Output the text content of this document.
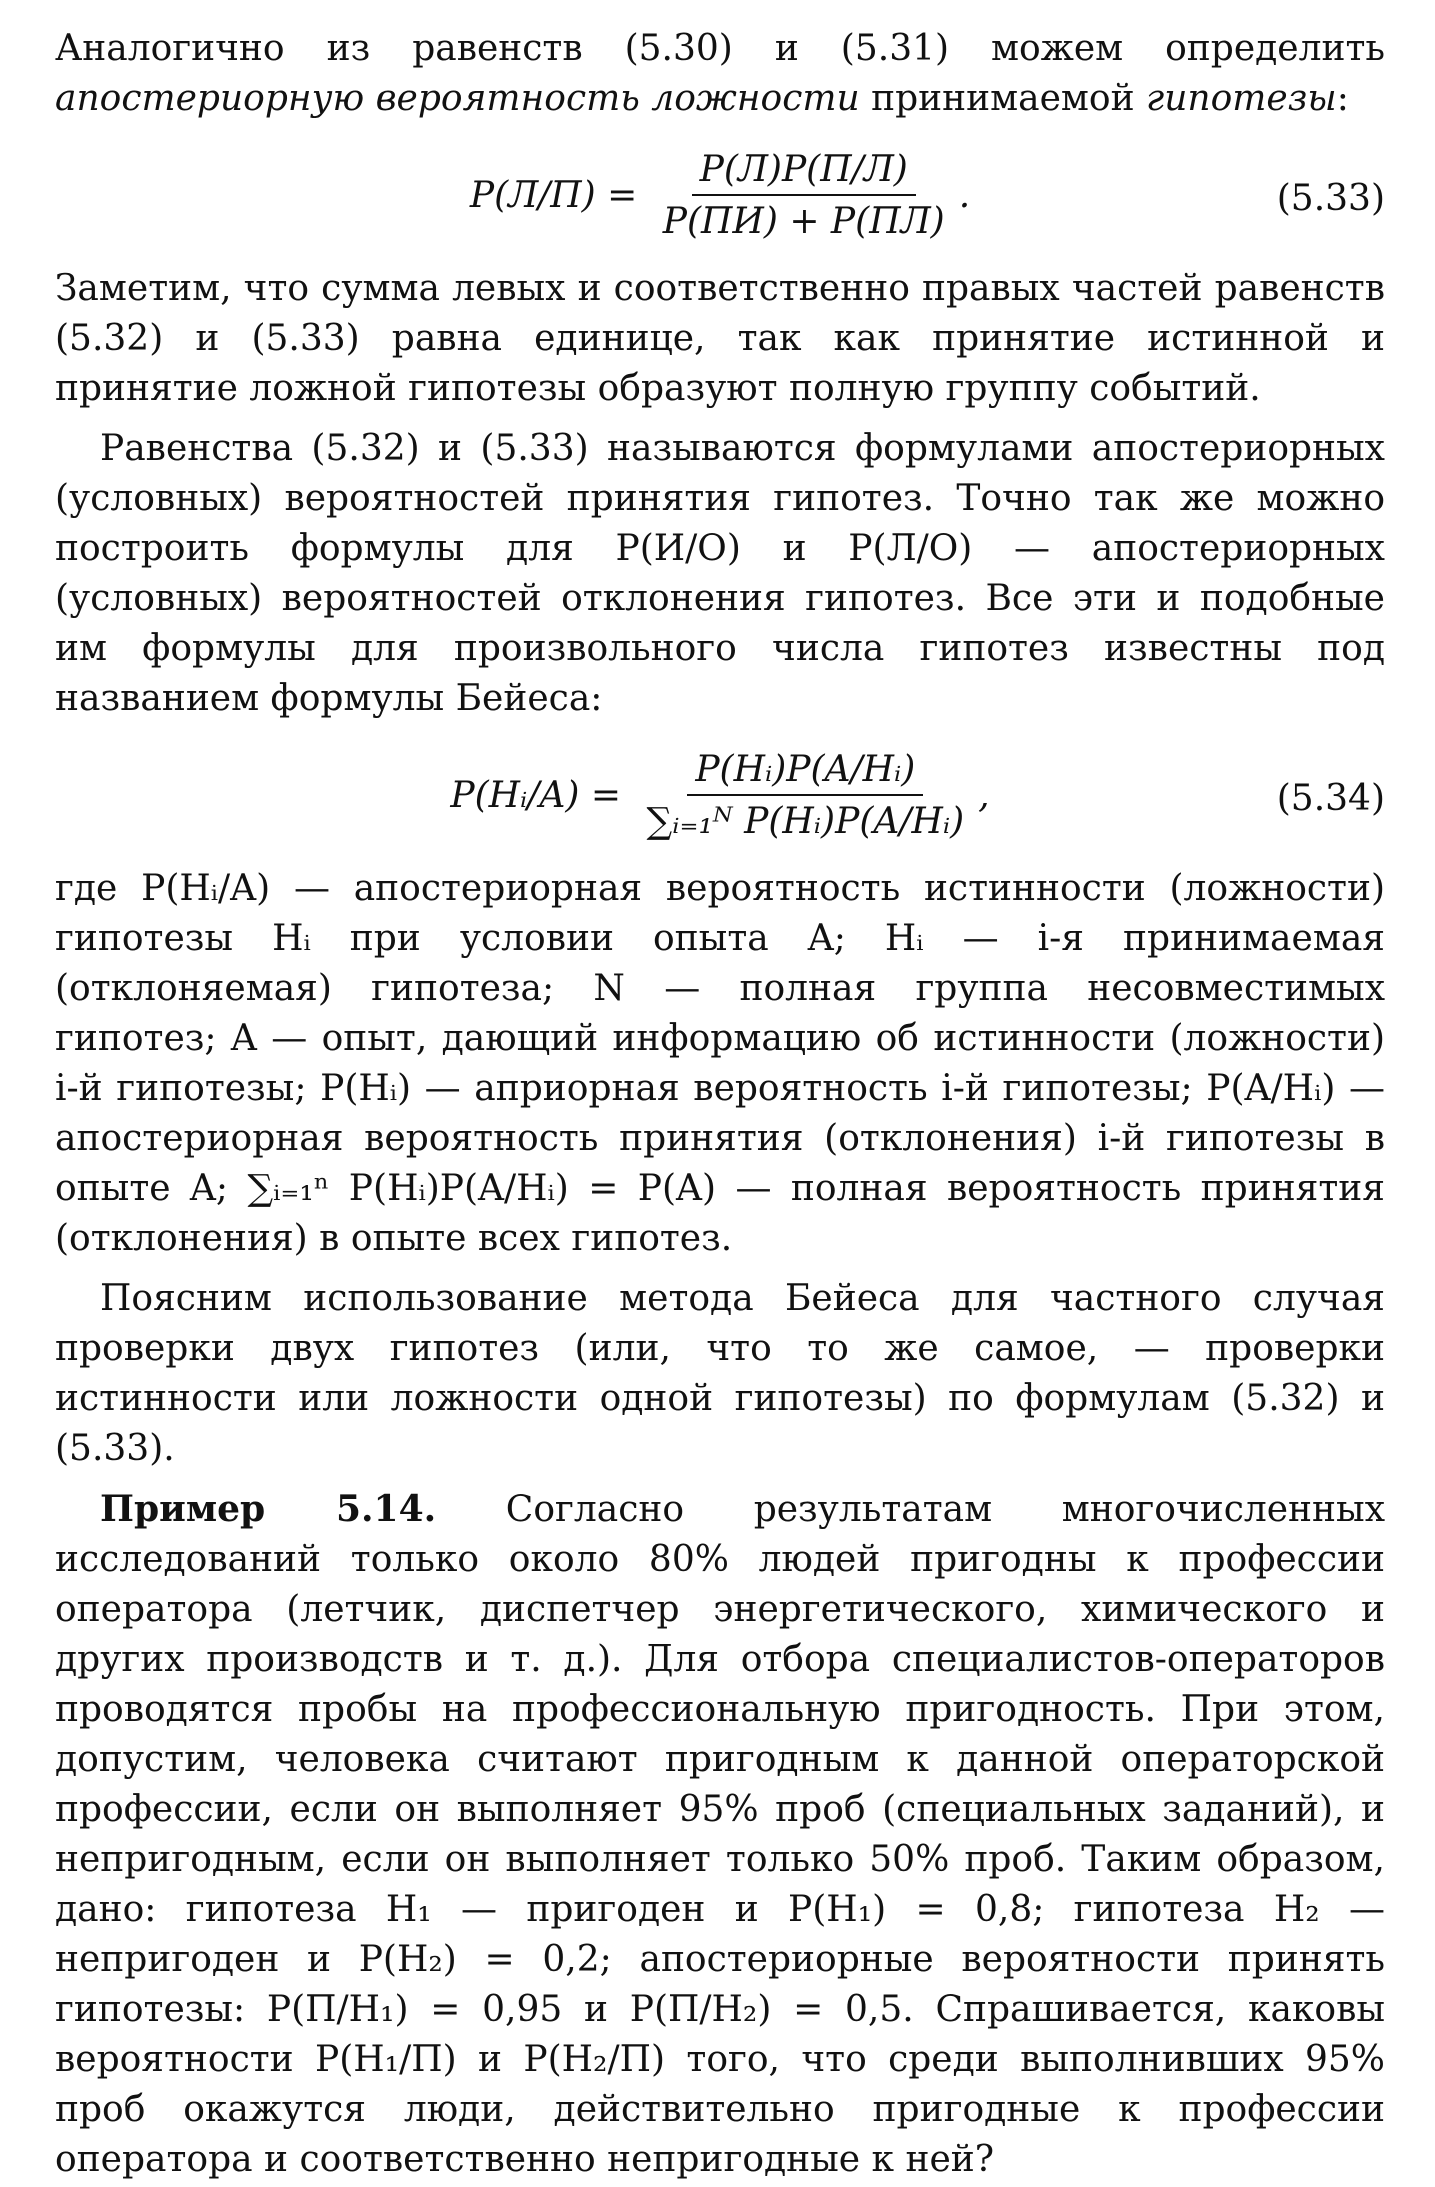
Аналогично из равенств (5.30) и (5.31) можем определить апостериорную вероятность ложности принимаемой гипотезы:

$P(Л/П) = \frac{P(Л)P(П/Л)}{P(ПИ) + P(ПЛ)}$ .	(5.33)

Заметим, что сумма левых и соответственно правых частей равенств (5.32) и (5.33) равна единице, так как принятие истинной и принятие ложной гипотезы образуют полную группу событий.

Равенства (5.32) и (5.33) называются формулами апостериорных (условных) вероятностей принятия гипотез. Точно так же можно построить формулы для P(И/О) и P(Л/О) — апостериорных (условных) вероятностей отклонения гипотез. Все эти и подобные им формулы для произвольного числа гипотез известны под названием формулы Бейеса:

P(Hᵢ/A) = $\frac{\text{P(Hᵢ)P(A/Hᵢ)}}{\text{∑ᵢ₌₁ᴺ P(Hᵢ)P(A/Hᵢ)}}$ ,	(5.34)

где P(Hᵢ/A) — апостериорная вероятность истинности (ложности) гипотезы Hᵢ при условии опыта A; Hᵢ — i-я принимаемая (отклоняемая) гипотеза; N — полная группа несовместимых гипотез; A — опыт, дающий информацию об истинности (ложности) i-й гипотезы; P(Hᵢ) — априорная вероятность i-й гипотезы; P(A/Hᵢ) — апостериорная вероятность принятия (отклонения) i-й гипотезы в опыте A; ∑ᵢ₌₁ⁿ P(Hᵢ)P(A/Hᵢ) = P(A) — полная вероятность принятия (отклонения) в опыте всех гипотез.

Поясним использование метода Бейеса для частного случая проверки двух гипотез (или, что то же самое, — проверки истинности или ложности одной гипотезы) по формулам (5.32) и (5.33).

Пример 5.14. Согласно результатам многочисленных исследований только около 80% людей пригодны к профессии оператора (летчик, диспетчер энергетического, химического и других производств и т. д.). Для отбора специалистов-операторов проводятся пробы на профессиональную пригодность. При этом, допустим, человека считают пригодным к данной операторской профессии, если он выполняет 95% проб (специальных заданий), и непригодным, если он выполняет только 50% проб. Таким образом, дано: гипотеза H₁ — пригоден и P(H₁) = 0,8; гипотеза H₂ — непригоден и P(H₂) = 0,2; апостериорные вероятности принять гипотезы: P(П/H₁) = 0,95 и P(П/H₂) = 0,5. Спрашивается, каковы вероятности P(H₁/П) и P(H₂/П) того, что среди выполнивших 95% проб окажутся люди, действительно пригодные к профессии оператора и соответственно непригодные к ней?
